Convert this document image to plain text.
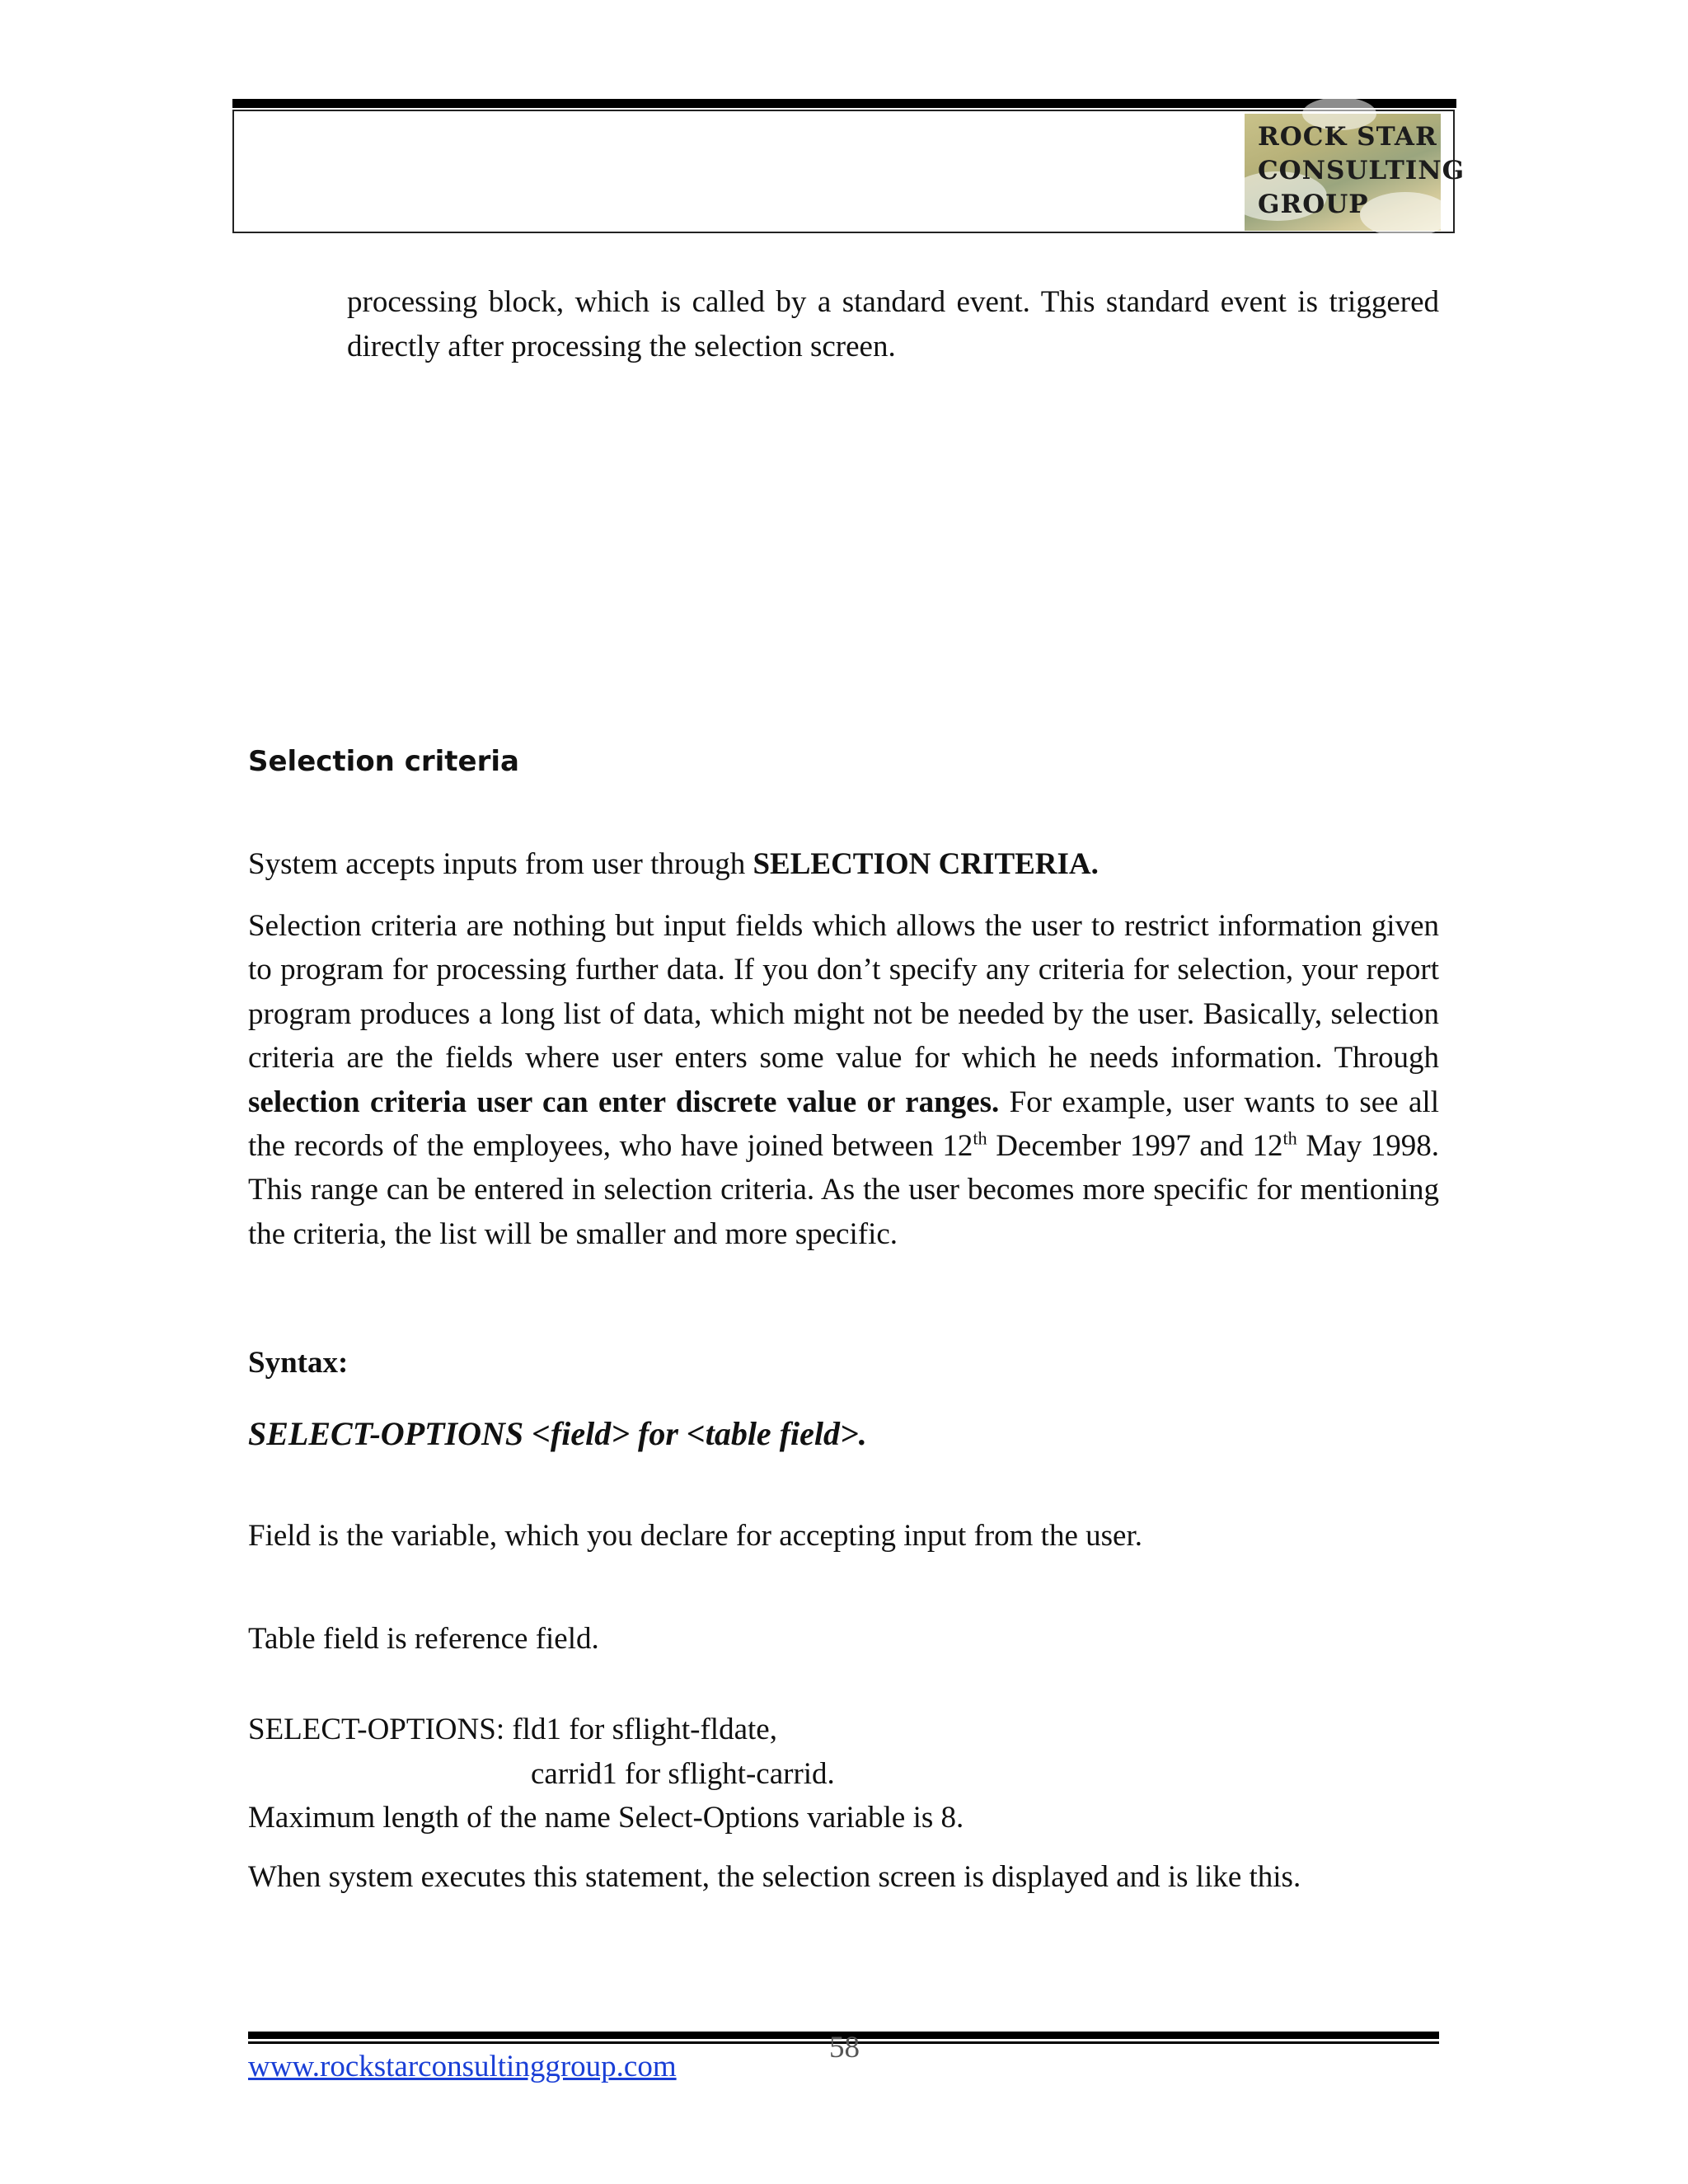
ROCK STAR
CONSULTING
GROUP
processing block, which is called by a standard event. This standard event is triggered directly after processing the selection screen.
Selection criteria
System accepts inputs from user through SELECTION CRITERIA.
Selection criteria are nothing but input fields which allows the user to restrict information given to program for processing further data. If you don’t specify any criteria for selection, your report program produces a long list of data, which might not be needed by the user. Basically, selection criteria are the fields where user enters some value for which he needs information. Through selection criteria user can enter discrete value or ranges. For example, user wants to see all the records of the employees, who have joined between 12th December 1997 and 12th May 1998. This range can be entered in selection criteria. As the user becomes more specific for mentioning the criteria, the list will be smaller and more specific.
Syntax:
SELECT-OPTIONS <field> for <table field>.
Field is the variable, which you declare for accepting input from the user.
Table field is reference field.
SELECT-OPTIONS: fld1 for sflight-fldate,
carrid1 for sflight-carrid.
Maximum length of the name Select-Options variable is 8.
When system executes this statement, the selection screen is displayed and is like this.
58
www.rockstarconsultinggroup.com
